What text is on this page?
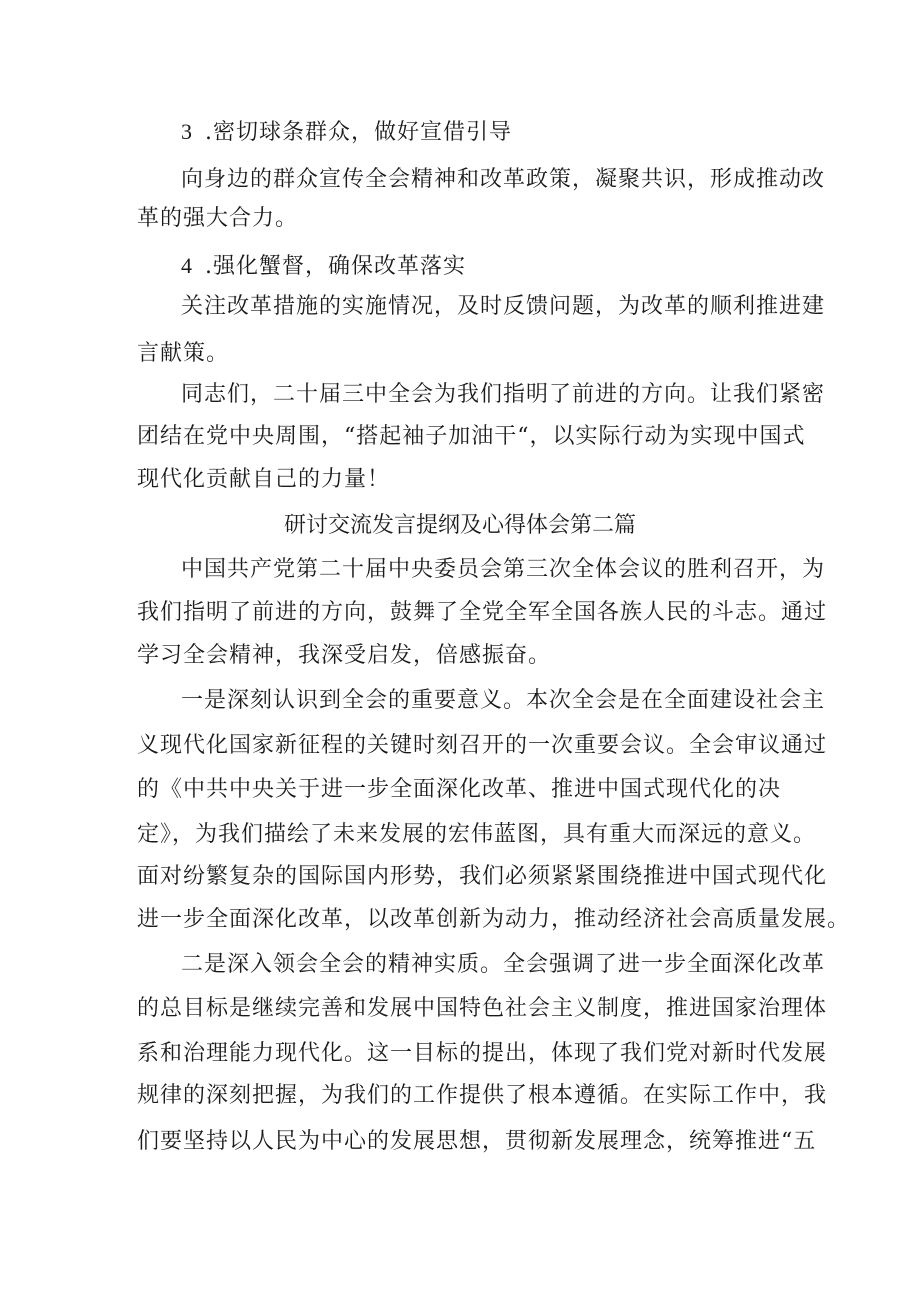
3 .密切球条群众，做好宣借引导
向身边的群众宣传全会精神和改革政策，凝聚共识，形成推动改
革的强大合力。
4 .强化蟹督，确保改革落实
关注改革措施的实施情况，及时反馈问题，为改革的顺利推进建
言献策。
同志们，二十届三中全会为我们指明了前进的方向。让我们紧密
团结在党中央周围，“搭起袖子加油干“，以实际行动为实现中国式
现代化贡献自己的力量！
研讨交流发言提纲及心得体会第二篇
中国共产党第二十届中央委员会第三次全体会议的胜利召开，为
我们指明了前进的方向，鼓舞了全党全军全国各族人民的斗志。通过
学习全会精神，我深受启发，倍感振奋。
一是深刻认识到全会的重要意义。本次全会是在全面建设社会主
义现代化国家新征程的关键时刻召开的一次重要会议。全会审议通过
的《中共中央关于进一步全面深化改革、推进中国式现代化的决
定》，为我们描绘了未来发展的宏伟蓝图，具有重大而深远的意义。
面对纷繁复杂的国际国内形势，我们必须紧紧围绕推进中国式现代化
进一步全面深化改革，以改革创新为动力，推动经济社会高质量发展。
二是深入领会全会的精神实质。全会强调了进一步全面深化改革
的总目标是继续完善和发展中国特色社会主义制度，推进国家治理体
系和治理能力现代化。这一目标的提出，体现了我们党对新时代发展
规律的深刻把握，为我们的工作提供了根本遵循。在实际工作中，我
们要坚持以人民为中心的发展思想，贯彻新发展理念，统筹推进“五
